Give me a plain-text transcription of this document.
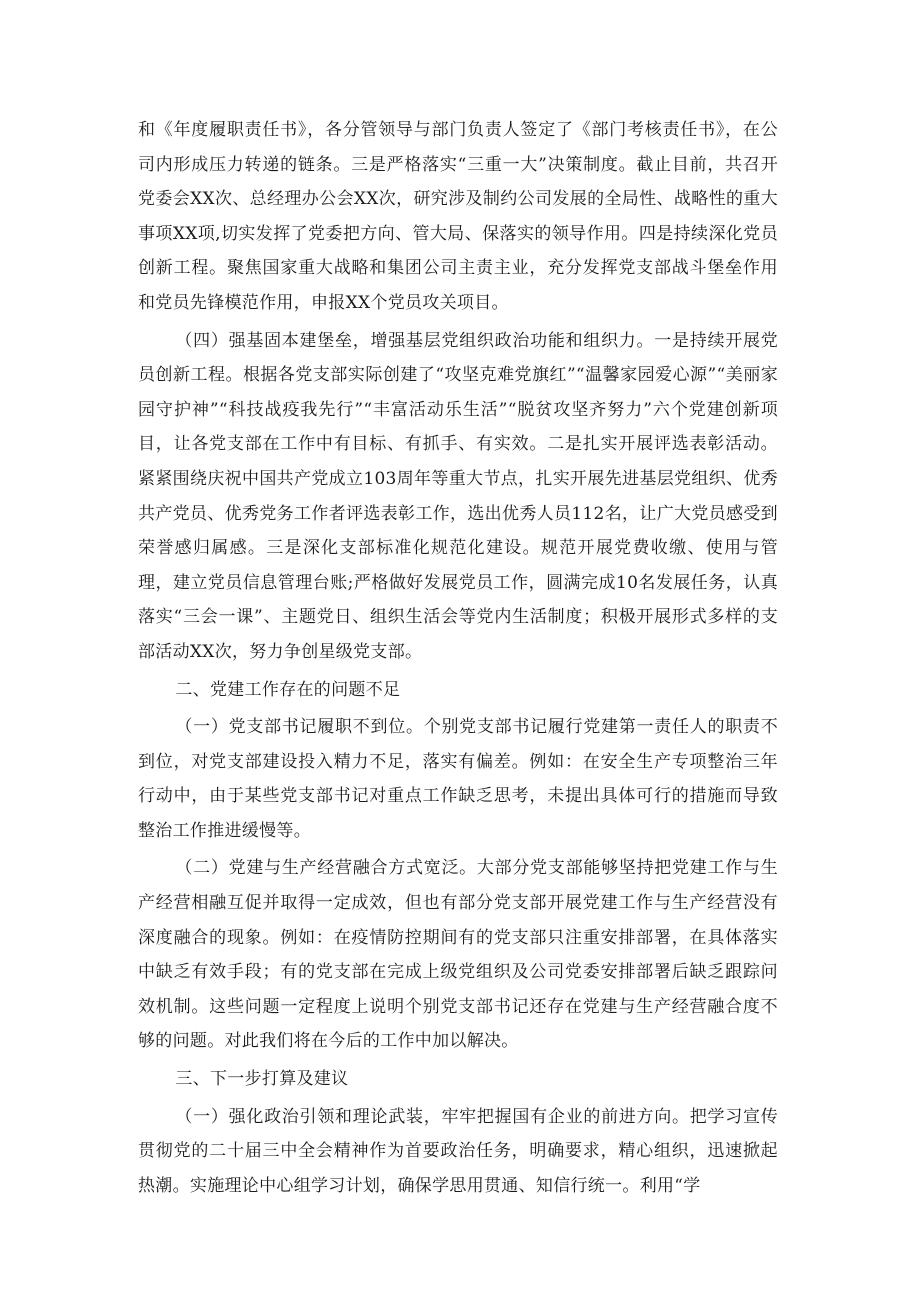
和《年度履职责任书》，各分管领导与部门负责人签定了《部门考核责任书》，在公司内形成压力转递的链条。三是严格落实“三重一大”决策制度。截止目前，共召开党委会XX次、总经理办公会XX次，研究涉及制约公司发展的全局性、战略性的重大事项XX项,切实发挥了党委把方向、管大局、保落实的领导作用。四是持续深化党员创新工程。聚焦国家重大战略和集团公司主责主业，充分发挥党支部战斗堡垒作用和党员先锋模范作用，申报XX个党员攻关项目。

（四）强基固本建堡垒，增强基层党组织政治功能和组织力。一是持续开展党员创新工程。根据各党支部实际创建了“攻坚克难党旗红”“温馨家园爱心源”“美丽家园守护神”“科技战疫我先行”“丰富活动乐生活”“脱贫攻坚齐努力”六个党建创新项目，让各党支部在工作中有目标、有抓手、有实效。二是扎实开展评选表彰活动。紧紧围绕庆祝中国共产党成立103周年等重大节点，扎实开展先进基层党组织、优秀共产党员、优秀党务工作者评选表彰工作，选出优秀人员112名，让广大党员感受到荣誉感归属感。三是深化支部标准化规范化建设。规范开展党费收缴、使用与管理，建立党员信息管理台账;严格做好发展党员工作，圆满完成10名发展任务，认真落实“三会一课”、主题党日、组织生活会等党内生活制度；积极开展形式多样的支部活动XX次，努力争创星级党支部。

二、党建工作存在的问题不足

（一）党支部书记履职不到位。个别党支部书记履行党建第一责任人的职责不到位，对党支部建设投入精力不足，落实有偏差。例如：在安全生产专项整治三年行动中，由于某些党支部书记对重点工作缺乏思考，未提出具体可行的措施而导致整治工作推进缓慢等。

（二）党建与生产经营融合方式宽泛。大部分党支部能够坚持把党建工作与生产经营相融互促并取得一定成效，但也有部分党支部开展党建工作与生产经营没有深度融合的现象。例如：在疫情防控期间有的党支部只注重安排部署，在具体落实中缺乏有效手段；有的党支部在完成上级党组织及公司党委安排部署后缺乏跟踪问效机制。这些问题一定程度上说明个别党支部书记还存在党建与生产经营融合度不够的问题。对此我们将在今后的工作中加以解决。

三、下一步打算及建议

（一）强化政治引领和理论武装，牢牢把握国有企业的前进方向。把学习宣传贯彻党的二十届三中全会精神作为首要政治任务，明确要求，精心组织，迅速掀起热潮。实施理论中心组学习计划，确保学思用贯通、知信行统一。利用“学
